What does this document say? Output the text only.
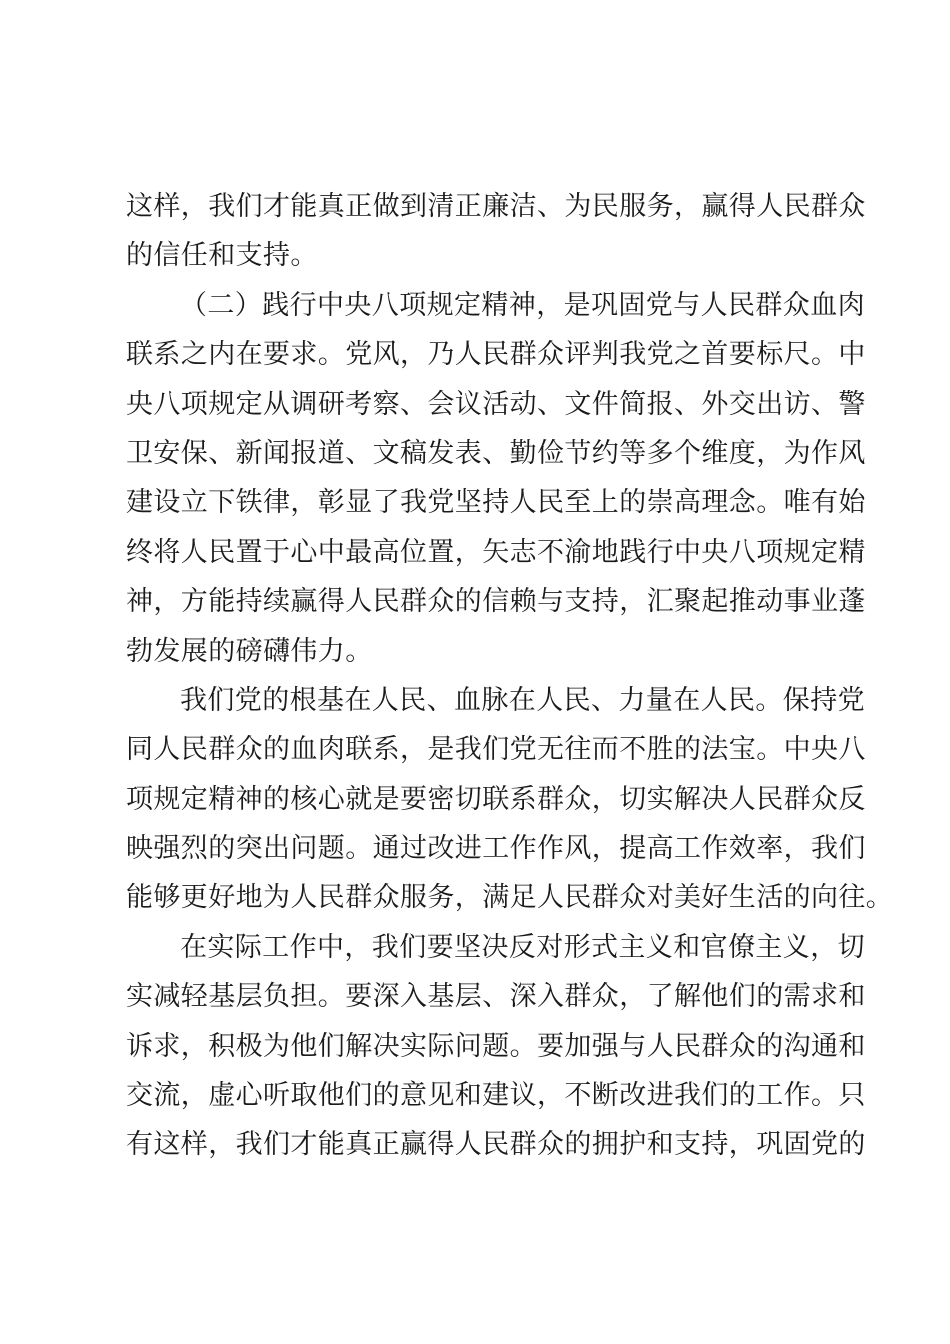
这样，我们才能真正做到清正廉洁、为民服务，赢得人民群众
的信任和支持。
（二）践行中央八项规定精神，是巩固党与人民群众血肉
联系之内在要求。党风，乃人民群众评判我党之首要标尺。中
央八项规定从调研考察、会议活动、文件简报、外交出访、警
卫安保、新闻报道、文稿发表、勤俭节约等多个维度，为作风
建设立下铁律，彰显了我党坚持人民至上的崇高理念。唯有始
终将人民置于心中最高位置，矢志不渝地践行中央八项规定精
神，方能持续赢得人民群众的信赖与支持，汇聚起推动事业蓬
勃发展的磅礴伟力。
我们党的根基在人民、血脉在人民、力量在人民。保持党
同人民群众的血肉联系，是我们党无往而不胜的法宝。中央八
项规定精神的核心就是要密切联系群众，切实解决人民群众反
映强烈的突出问题。通过改进工作作风，提高工作效率，我们
能够更好地为人民群众服务，满足人民群众对美好生活的向往。
在实际工作中，我们要坚决反对形式主义和官僚主义，切
实减轻基层负担。要深入基层、深入群众，了解他们的需求和
诉求，积极为他们解决实际问题。要加强与人民群众的沟通和
交流，虚心听取他们的意见和建议，不断改进我们的工作。只
有这样，我们才能真正赢得人民群众的拥护和支持，巩固党的
